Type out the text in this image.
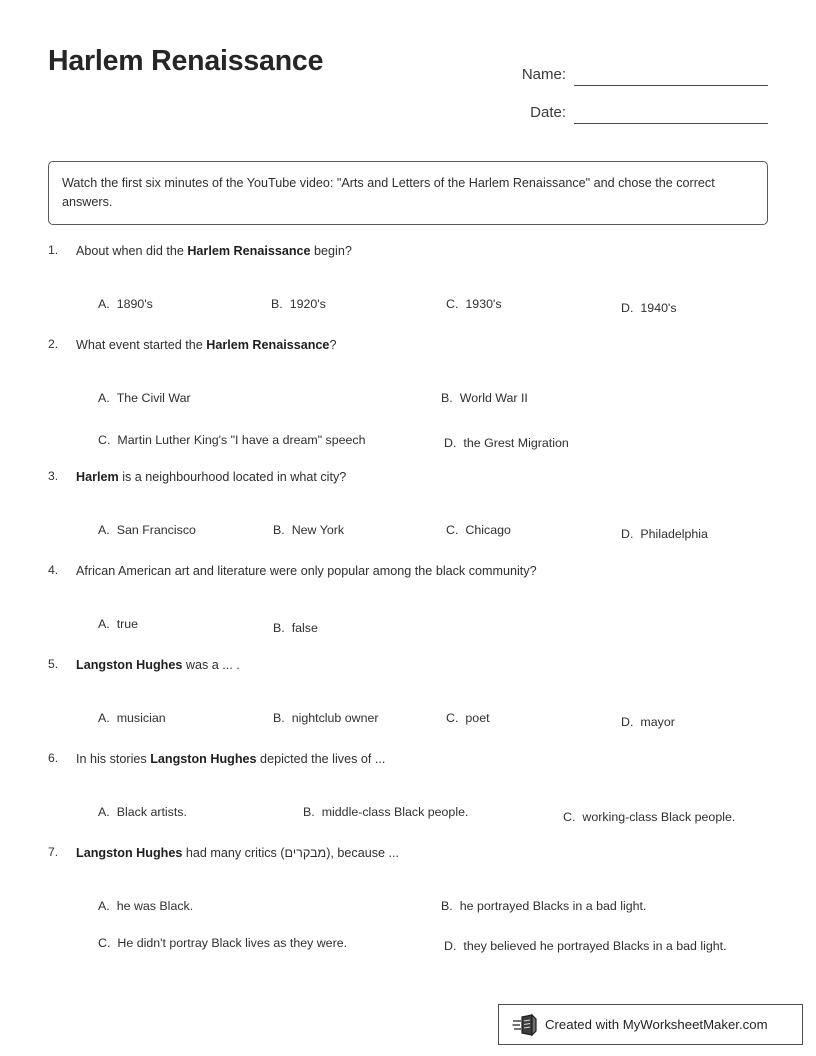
Harlem Renaissance	Name:
Date:
Watch the first six minutes of the YouTube video: "Arts and Letters of the Harlem Renaissance" and chose the correct answers.
1.	About when did the Harlem Renaissance begin?
A. 1890's	B. 1920's	C. 1930's	D. 1940's
2.	What event started the Harlem Renaissance?
A. The Civil War	B. World War II
C. Martin Luther King's "I have a dream" speech	D. the Grest Migration
3.	Harlem is a neighbourhood located in what city?
A. San Francisco	B. New York	C. Chicago	D. Philadelphia
4.	African American art and literature were only popular among the black community?
A. true	B. false
5.	Langston Hughes was a ... .
A. musician	B. nightclub owner	C. poet	D. mayor
6.	In his stories Langston Hughes depicted the lives of ...
A. Black artists.	B. middle-class Black people.	C. working-class Black people.
7.	Langston Hughes had many critics (מבקרים), because ...
A. he was Black.	B. he portrayed Blacks in a bad light.
C. He didn't portray Black lives as they were.	D. they believed he portrayed Blacks in a bad light.
Created with MyWorksheetMaker.com
